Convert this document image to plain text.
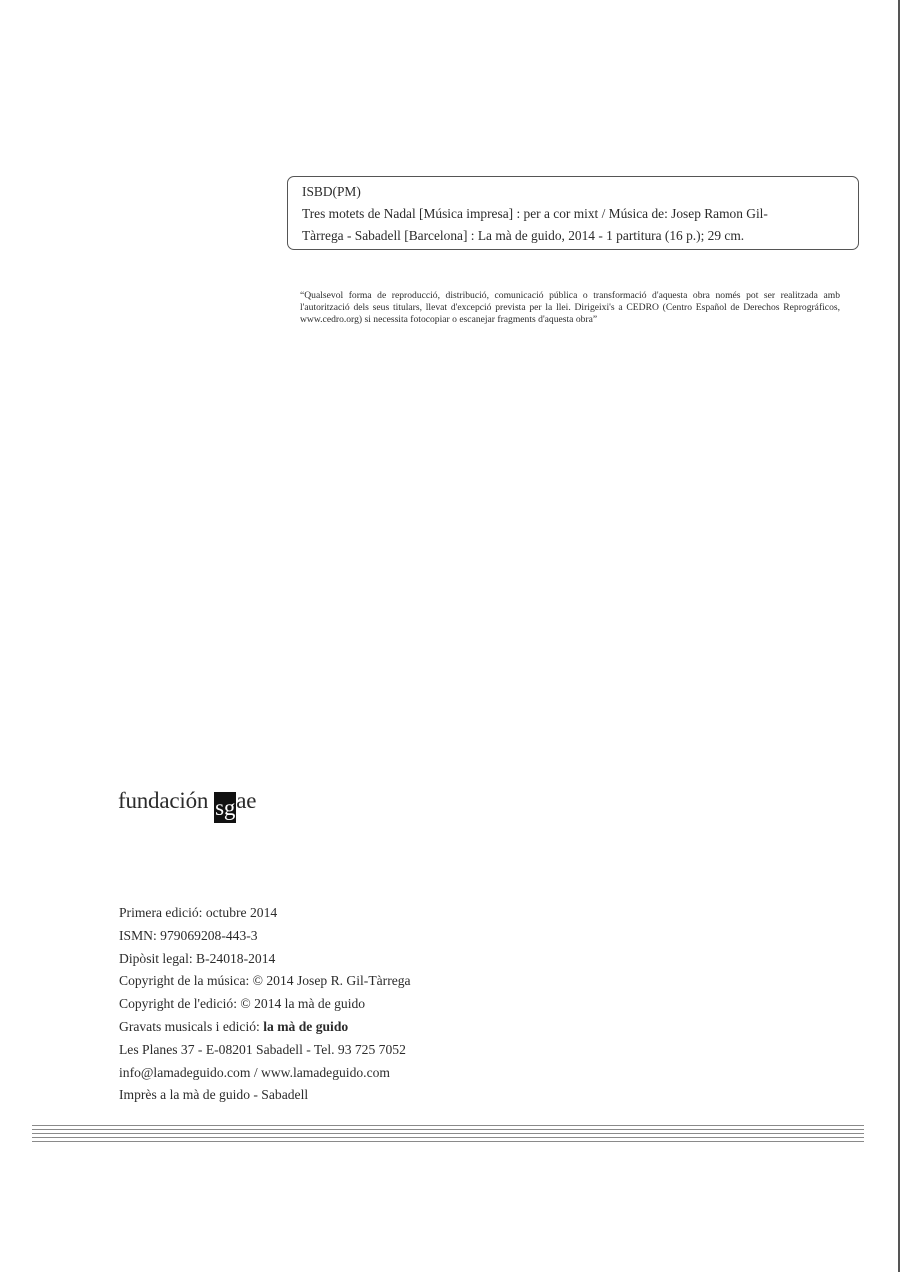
ISBD(PM)
Tres motets de Nadal [Música impresa] : per a cor mixt / Música de: Josep Ramon Gil-
Tàrrega - Sabadell [Barcelona] : La mà de guido, 2014 - 1 partitura (16 p.); 29 cm.
“Qualsevol forma de reproducció, distribució, comunicació pública o transformació d'aquesta obra només pot ser realitzada amb l'autorització dels seus titulars, llevat d'excepció prevista per la llei. Dirigeixi's a CEDRO (Centro Español de Derechos Reprográficos, www.cedro.org) si necessita fotocopiar o escanejar fragments d'aquesta obra”
fundación sgae
Primera edició: octubre 2014
ISMN: 979069208-443-3
Dipòsit legal: B-24018-2014
Copyright de la música: © 2014 Josep R. Gil-Tàrrega
Copyright de l'edició: © 2014 la mà de guido
Gravats musicals i edició: la mà de guido
Les Planes 37 - E-08201 Sabadell - Tel. 93 725 7052
info@lamadeguido.com / www.lamadeguido.com
Imprès a la mà de guido - Sabadell
